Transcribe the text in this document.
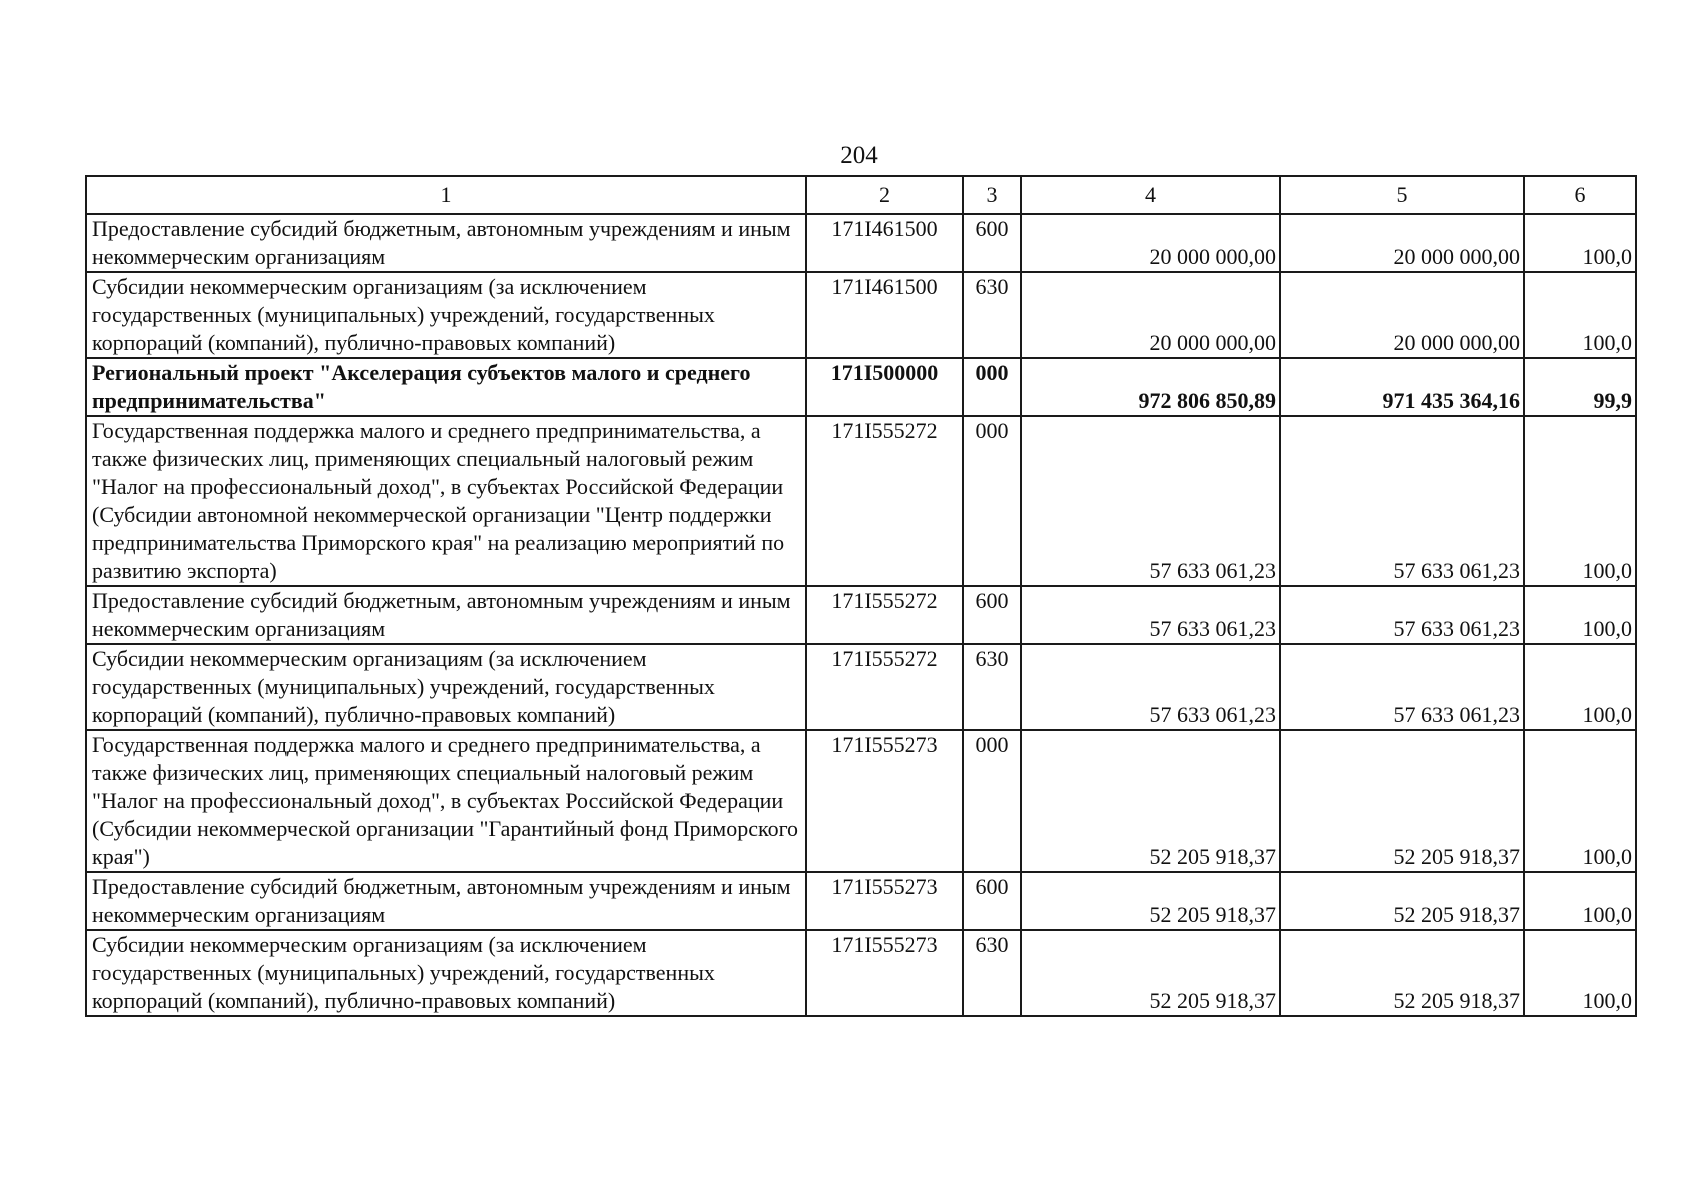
204
1	2	3	4	5	6
Предоставление субсидий бюджетным, автономным учреждениям и иным некоммерческим организациям	171I461500	600	20 000 000,00	20 000 000,00	100,0
Субсидии некоммерческим организациям (за исключением государственных (муниципальных) учреждений, государственных корпораций (компаний), публично-правовых компаний)	171I461500	630	20 000 000,00	20 000 000,00	100,0
Региональный проект "Акселерация субъектов малого и среднего предпринимательства"	171I500000	000	972 806 850,89	971 435 364,16	99,9
Государственная поддержка малого и среднего предпринимательства, а также физических лиц, применяющих специальный налоговый режим "Налог на профессиональный доход", в субъектах Российской Федерации (Субсидии автономной некоммерческой организации "Центр поддержки предпринимательства Приморского края" на реализацию мероприятий по развитию экспорта)	171I555272	000	57 633 061,23	57 633 061,23	100,0
Предоставление субсидий бюджетным, автономным учреждениям и иным некоммерческим организациям	171I555272	600	57 633 061,23	57 633 061,23	100,0
Субсидии некоммерческим организациям (за исключением государственных (муниципальных) учреждений, государственных корпораций (компаний), публично-правовых компаний)	171I555272	630	57 633 061,23	57 633 061,23	100,0
Государственная поддержка малого и среднего предпринимательства, а также физических лиц, применяющих специальный налоговый режим "Налог на профессиональный доход", в субъектах Российской Федерации (Субсидии некоммерческой организации "Гарантийный фонд Приморского края")	171I555273	000	52 205 918,37	52 205 918,37	100,0
Предоставление субсидий бюджетным, автономным учреждениям и иным некоммерческим организациям	171I555273	600	52 205 918,37	52 205 918,37	100,0
Субсидии некоммерческим организациям (за исключением государственных (муниципальных) учреждений, государственных корпораций (компаний), публично-правовых компаний)	171I555273	630	52 205 918,37	52 205 918,37	100,0
